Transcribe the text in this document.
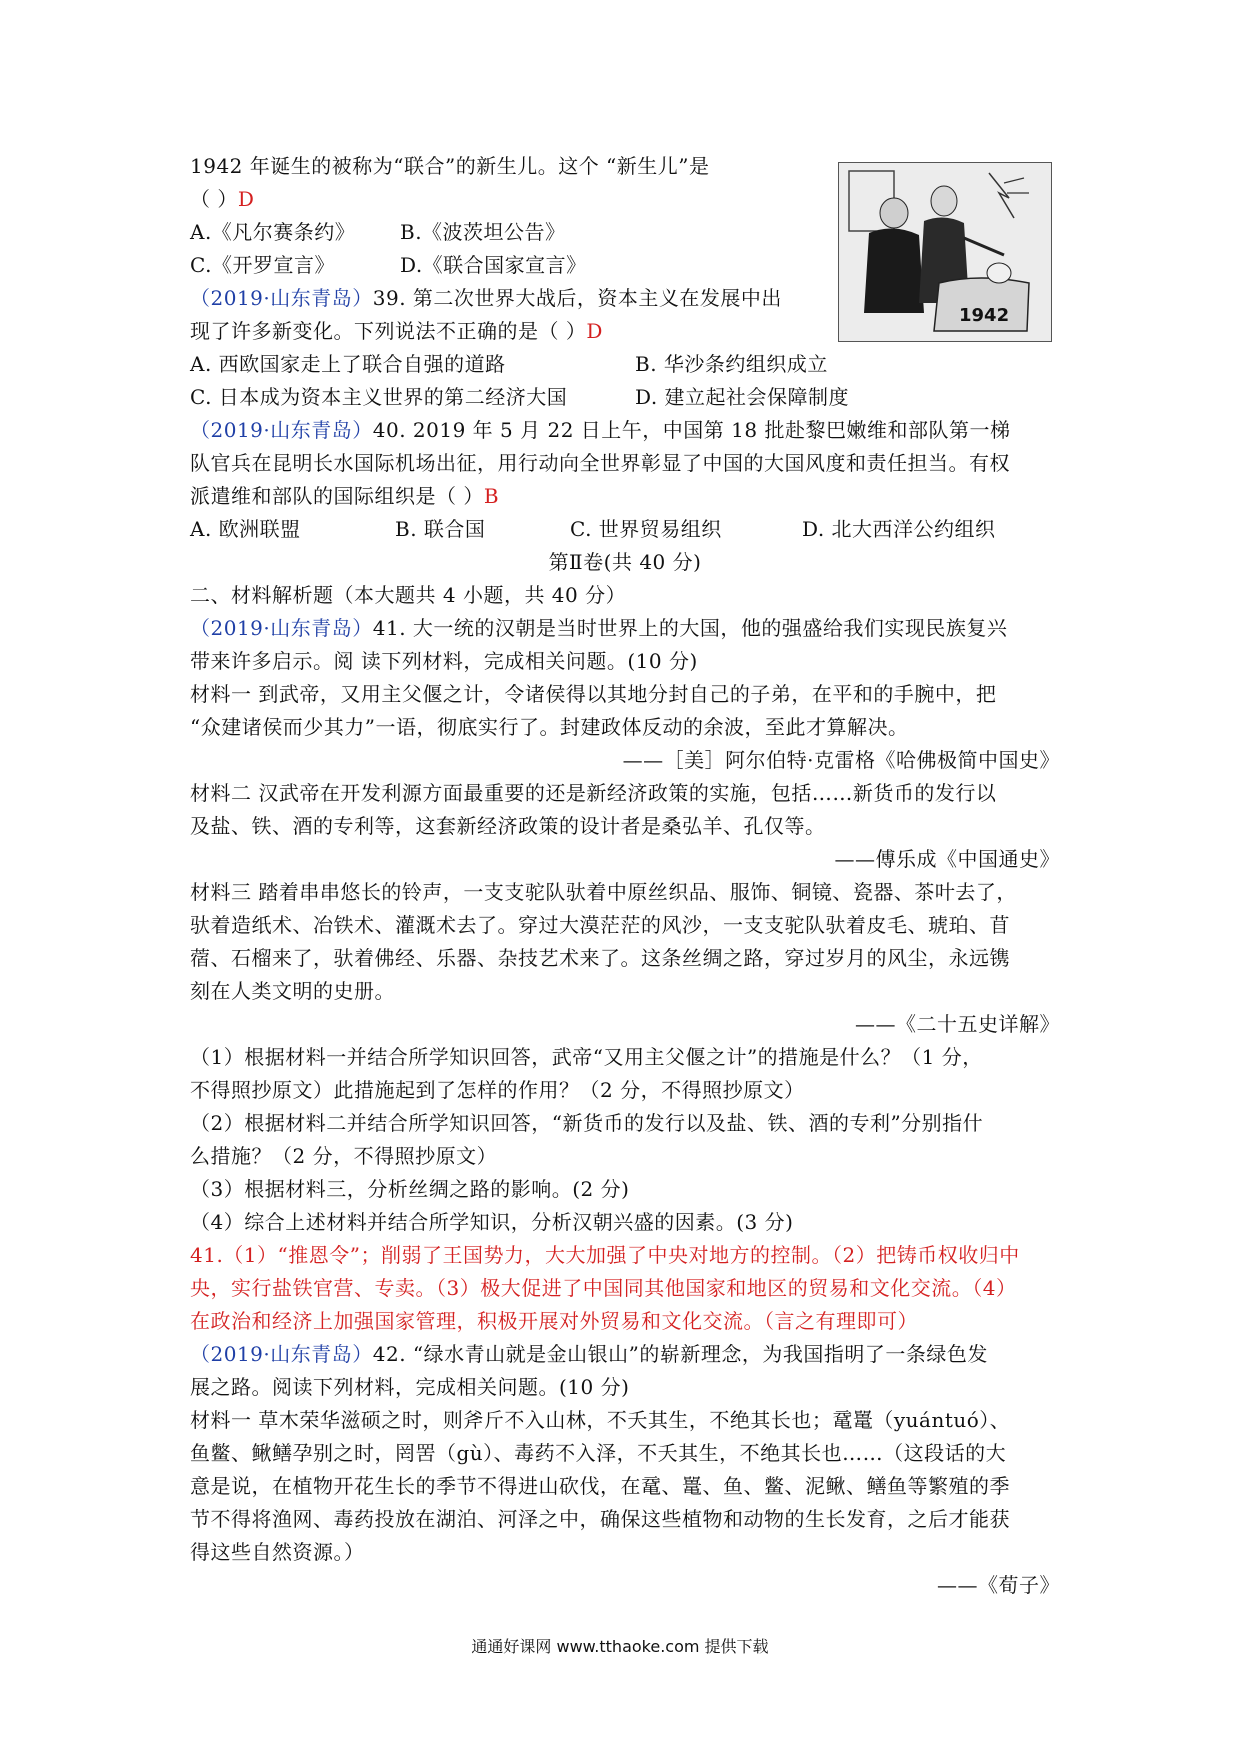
1942
1942 年诞生的被称为“联合”的新生儿。这个 “新生儿”是
（ ）D
A.《凡尔赛条约》 B.《波茨坦公告》
C.《开罗宣言》	D.《联合国家宣言》
（2019·山东青岛）39. 第二次世界大战后，资本主义在发展中出
现了许多新变化。下列说法不正确的是（ ）D
A. 西欧国家走上了联合自强的道路	B. 华沙条约组织成立
C. 日本成为资本主义世界的第二经济大国	D. 建立起社会保障制度
（2019·山东青岛）40. 2019 年 5 月 22 日上午，中国第 18 批赴黎巴嫩维和部队第一梯
队官兵在昆明长水国际机场出征，用行动向全世界彰显了中国的大国风度和责任担当。有权
派遣维和部队的国际组织是（ ）B
A. 欧洲联盟	B. 联合国	C. 世界贸易组织	D. 北大西洋公约组织
第Ⅱ卷(共 40 分)
二、材料解析题（本大题共 4 小题，共 40 分）
（2019·山东青岛）41. 大一统的汉朝是当时世界上的大国，他的强盛给我们实现民族复兴
带来许多启示。阅 读下列材料，完成相关问题。(10 分)
材料一 到武帝，又用主父偃之计，令诸侯得以其地分封自己的子弟，在平和的手腕中，把
“众建诸侯而少其力”一语，彻底实行了。封建政体反动的余波，至此才算解决。
——［美］阿尔伯特·克雷格《哈佛极简中国史》
材料二 汉武帝在开发利源方面最重要的还是新经济政策的实施，包括……新货币的发行以
及盐、铁、酒的专利等，这套新经济政策的设计者是桑弘羊、孔仅等。
——傅乐成《中国通史》
材料三 踏着串串悠长的铃声，一支支驼队驮着中原丝织品、服饰、铜镜、瓷器、茶叶去了，
驮着造纸术、冶铁术、灌溉术去了。穿过大漠茫茫的风沙，一支支驼队驮着皮毛、琥珀、苜
蓿、石榴来了，驮着佛经、乐器、杂技艺术来了。这条丝绸之路，穿过岁月的风尘，永远镌
刻在人类文明的史册。
——《二十五史详解》
（1）根据材料一并结合所学知识回答，武帝“又用主父偃之计”的措施是什么？（1 分，
不得照抄原文）此措施起到了怎样的作用？（2 分，不得照抄原文）
（2）根据材料二并结合所学知识回答，“新货币的发行以及盐、铁、酒的专利”分别指什
么措施？（2 分，不得照抄原文）
（3）根据材料三，分析丝绸之路的影响。(2 分)
（4）综合上述材料并结合所学知识，分析汉朝兴盛的因素。(3 分)
41.（1）“推恩令”；削弱了王国势力，大大加强了中央对地方的控制。（2）把铸币权收归中
央，实行盐铁官营、专卖。（3）极大促进了中国同其他国家和地区的贸易和文化交流。（4）
在政治和经济上加强国家管理，积极开展对外贸易和文化交流。（言之有理即可）
（2019·山东青岛）42. “绿水青山就是金山银山”的崭新理念，为我国指明了一条绿色发
展之路。阅读下列材料，完成相关问题。(10 分)
材料一 草木荣华滋硕之时，则斧斤不入山林，不夭其生，不绝其长也；鼋鼍（yuántuó）、
鱼鳖、鳅鳝孕别之时，罔罟（gù）、毒药不入泽，不夭其生，不绝其长也……（这段话的大
意是说，在植物开花生长的季节不得进山砍伐，在鼋、鼍、鱼、鳖、泥鳅、鳝鱼等繁殖的季
节不得将渔网、毒药投放在湖泊、河泽之中，确保这些植物和动物的生长发育，之后才能获
得这些自然资源。）
——《荀子》
通通好课网 www.tthaoke.com 提供下载
